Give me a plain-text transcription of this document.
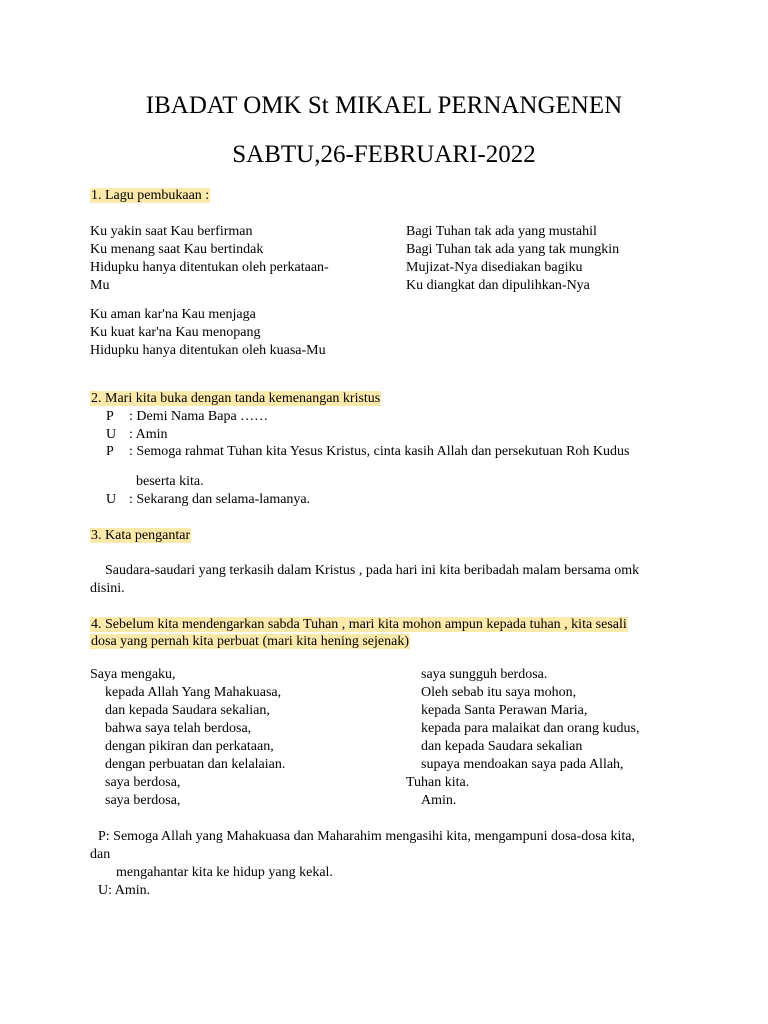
IBADAT OMK St MIKAEL PERNANGENEN
SABTU,26-FEBRUARI-2022
1. Lagu pembukaan :
Ku yakin saat Kau berfirman
Ku menang saat Kau bertindak
Hidupku hanya ditentukan oleh perkataan-
Mu
Bagi Tuhan tak ada yang mustahil
Bagi Tuhan tak ada yang tak mungkin
Mujizat-Nya disediakan bagiku
Ku diangkat dan dipulihkan-Nya
Ku aman kar'na Kau menjaga
Ku kuat kar'na Kau menopang
Hidupku hanya ditentukan oleh kuasa-Mu
2. Mari kita buka dengan tanda kemenangan kristus
P : Demi Nama Bapa ……
U : Amin
P : Semoga rahmat Tuhan kita Yesus Kristus, cinta kasih Allah dan persekutuan Roh Kudus
beserta kita.
U : Sekarang dan selama-lamanya.
3. Kata pengantar
Saudara-saudari yang terkasih dalam Kristus , pada hari ini kita beribadah malam bersama omk disini.
4. Sebelum kita mendengarkan sabda Tuhan , mari kita mohon ampun kepada tuhan , kita sesali
dosa yang pernah kita perbuat (mari kita hening sejenak)
Saya mengaku,
kepada Allah Yang Mahakuasa,
dan kepada Saudara sekalian,
bahwa saya telah berdosa,
dengan pikiran dan perkataan,
dengan perbuatan dan kelalaian.
saya berdosa,
saya berdosa,
saya sungguh berdosa.
Oleh sebab itu saya mohon,
kepada Santa Perawan Maria,
kepada para malaikat dan orang kudus,
dan kepada Saudara sekalian
supaya mendoakan saya pada Allah,
Tuhan kita.
Amin.
P: Semoga Allah yang Mahakuasa dan Maharahim mengasihi kita, mengampuni dosa-dosa kita,
dan
mengahantar kita ke hidup yang kekal.
U: Amin.
